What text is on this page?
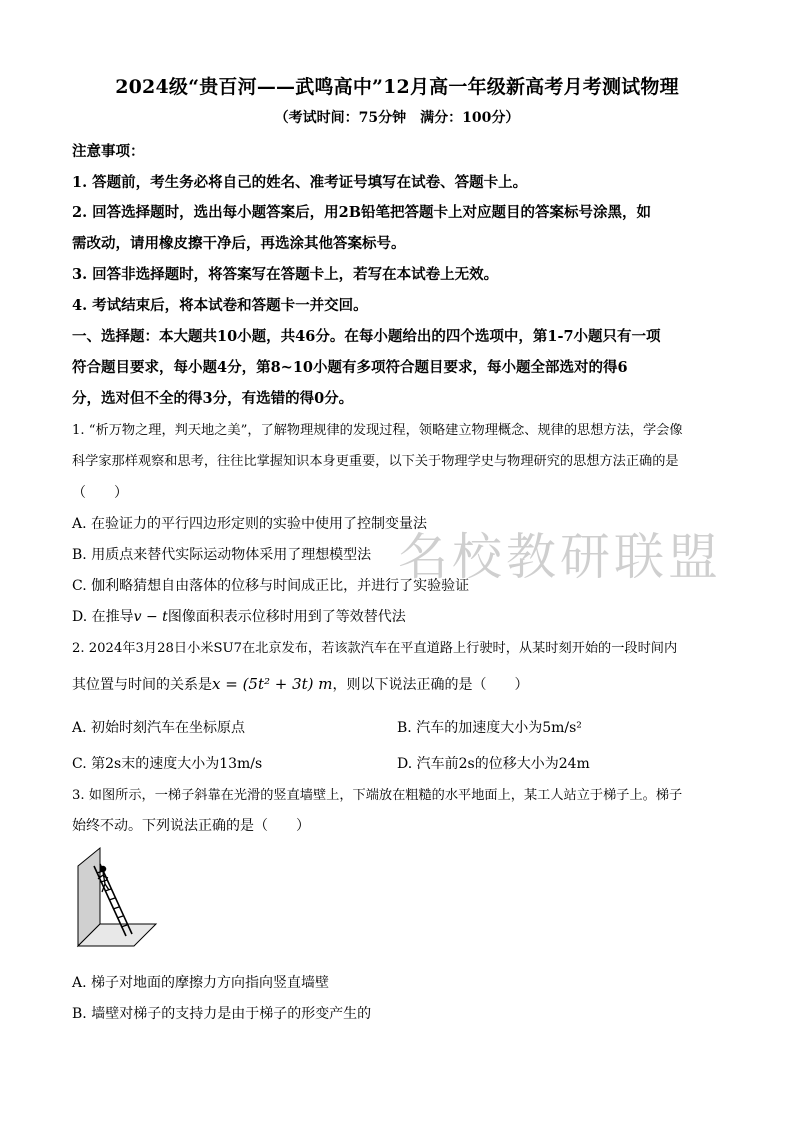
名校教研联盟
2024级“贵百河——武鸣高中”12月高一年级新高考月考测试物理
（考试时间：75分钟　满分：100分）
注意事项：
1. 答题前，考生务必将自己的姓名、准考证号填写在试卷、答题卡上。
2. 回答选择题时，选出每小题答案后，用2B铅笔把答题卡上对应题目的答案标号涂黑，如
需改动，请用橡皮擦干净后，再选涂其他答案标号。
3. 回答非选择题时，将答案写在答题卡上，若写在本试卷上无效。
4. 考试结束后，将本试卷和答题卡一并交回。
一、选择题：本大题共10小题，共46分。在每小题给出的四个选项中，第1-7小题只有一项
符合题目要求，每小题4分，第8~10小题有多项符合题目要求，每小题全部选对的得6
分，选对但不全的得3分，有选错的得0分。
1. “析万物之理，判天地之美”，了解物理规律的发现过程，领略建立物理概念、规律的思想方法，学会像
科学家那样观察和思考，往往比掌握知识本身更重要，以下关于物理学史与物理研究的思想方法正确的是
（　　）
A. 在验证力的平行四边形定则的实验中使用了控制变量法
B. 用质点来替代实际运动物体采用了理想模型法
C. 伽利略猜想自由落体的位移与时间成正比，并进行了实验验证
D. 在推导v − t图像面积表示位移时用到了等效替代法
2. 2024年3月28日小米SU7在北京发布，若该款汽车在平直道路上行驶时，从某时刻开始的一段时间内
其位置与时间的关系是x = (5t² + 3t) m，则以下说法正确的是（　　）
A. 初始时刻汽车在坐标原点	B. 汽车的加速度大小为5m/s²
C. 第2s末的速度大小为13m/s	D. 汽车前2s的位移大小为24m
3. 如图所示，一梯子斜靠在光滑的竖直墙壁上，下端放在粗糙的水平地面上，某工人站立于梯子上。梯子
始终不动。下列说法正确的是（　　）
A. 梯子对地面的摩擦力方向指向竖直墙壁
B. 墙壁对梯子的支持力是由于梯子的形变产生的
